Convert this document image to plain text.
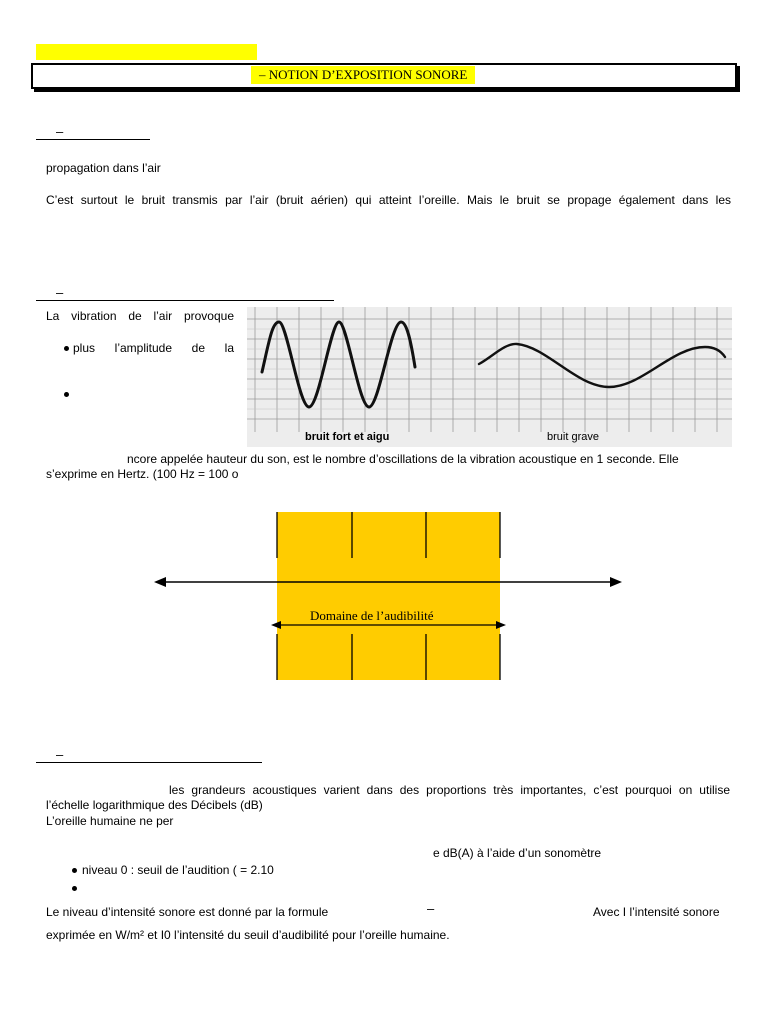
– NOTION D’EXPOSITION SONORE
–
propagation dans l’air
C’est surtout le bruit transmis par l’air (bruit aérien) qui atteint l’oreille. Mais le bruit se propage également dans les
–
La vibration de l’air provoque
plus l’amplitude de la
bruit fort et aigu	bruit grave
ncore appelée hauteur du son, est le nombre d’oscillations de la vibration acoustique en 1 seconde. Elle
s’exprime en Hertz. (100 Hz = 100 o
Domaine de l’audibilité
–
les grandeurs acoustiques varient dans des proportions très importantes, c’est pourquoi on utilise
l’échelle logarithmique des Décibels (dB)
L’oreille humaine ne per
e dB(A) à l’aide d’un sonomètre
niveau 0 : seuil de l’audition ( = 2.10
Le niveau d’intensité sonore est donné par la formule	–	Avec I l’intensité sonore
exprimée en W/m² et I0 l’intensité du seuil d’audibilité pour l’oreille humaine.
